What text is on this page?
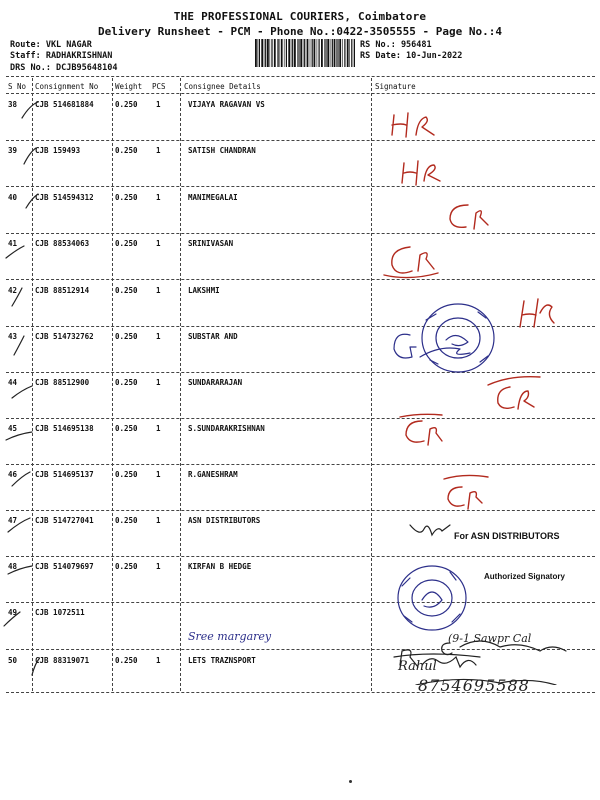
THE PROFESSIONAL COURIERS, Coimbatore
Delivery Runsheet - PCM - Phone No.:0422-3505555 - Page No.:4
Route: VKL NAGAR
Staff: RADHAKRISHNAN
DRS No.: DCJB95648104
RS No.: 956481
RS Date: 10-Jun-2022
S No Consignment No Weight PCS Consignee Details	Signature
38 CJB 514681884	0.250 1	VIJAYA RAGAVAN VS
39 CJB 159493	0.250 1	SATISH CHANDRAN
40 CJB 514594312	0.250 1	MANIMEGALAI
41 CJB 88534063	0.250 1	SRINIVASAN
42 CJB 88512914	0.250 1	LAKSHMI
43 CJB 514732762	0.250 1	SUBSTAR AND
44 CJB 88512900	0.250 1	SUNDARARAJAN
45 CJB 514695138	0.250 1	S.SUNDARAKRISHNAN
46 CJB 514695137	0.250 1	R.GANESHRAM
47 CJB 514727041	0.250 1	ASN DISTRIBUTORS
48 CJB 514079697	0.250 1	KIRFAN B HEDGE
49 CJB 1072511
50 CJB 88319071	0.250 1	LETS TRAZNSPORT
For ASN DISTRIBUTORS
Authorized Signatory
Sree margarey	(9-1 Sawpr Cal
Rahul
8754695588
